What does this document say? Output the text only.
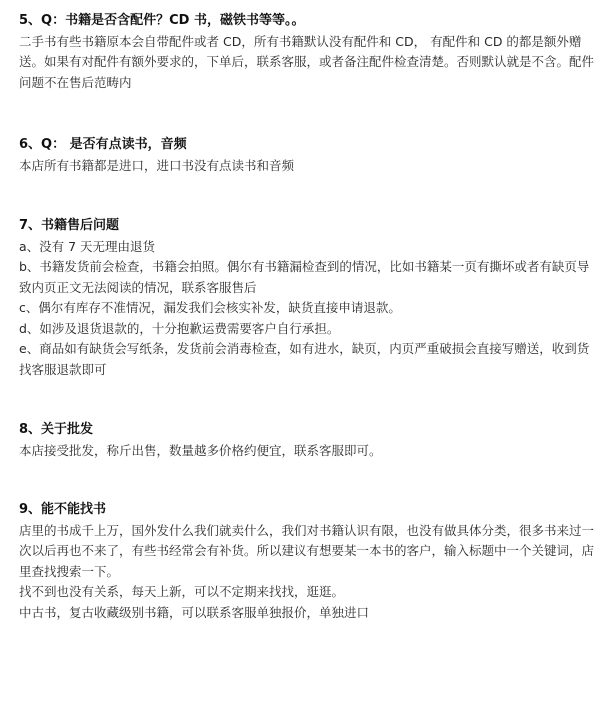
5、Q：书籍是否含配件？CD 书，磁铁书等等。。

二手书有些书籍原本会自带配件或者 CD，所有书籍默认没有配件和 CD， 有配件和 CD 的都是额外赠送。如果有对配件有额外要求的，下单后，联系客服，或者备注配件检查清楚。否则默认就是不含。配件问题不在售后范畴内

6、Q： 是否有点读书，音频

本店所有书籍都是进口，进口书没有点读书和音频

7、书籍售后问题

a、没有 7 天无理由退货

b、书籍发货前会检查，书籍会拍照。偶尔有书籍漏检查到的情况，比如书籍某一页有撕坏或者有缺页导致内页正文无法阅读的情况，联系客服售后

c、偶尔有库存不准情况，漏发我们会核实补发，缺货直接申请退款。

d、如涉及退货退款的，十分抱歉运费需要客户自行承担。

e、商品如有缺货会写纸条，发货前会消毒检查，如有进水，缺页，内页严重破损会直接写赠送，收到货找客服退款即可

8、关于批发

本店接受批发，称斤出售，数量越多价格约便宜，联系客服即可。

9、能不能找书

店里的书成千上万，国外发什么我们就卖什么，我们对书籍认识有限，也没有做具体分类，很多书来过一次以后再也不来了，有些书经常会有补货。所以建议有想要某一本书的客户，输入标题中一个关键词，店里查找搜索一下。

找不到也没有关系，每天上新，可以不定期来找找，逛逛。

中古书，复古收藏级别书籍，可以联系客服单独报价，单独进口
